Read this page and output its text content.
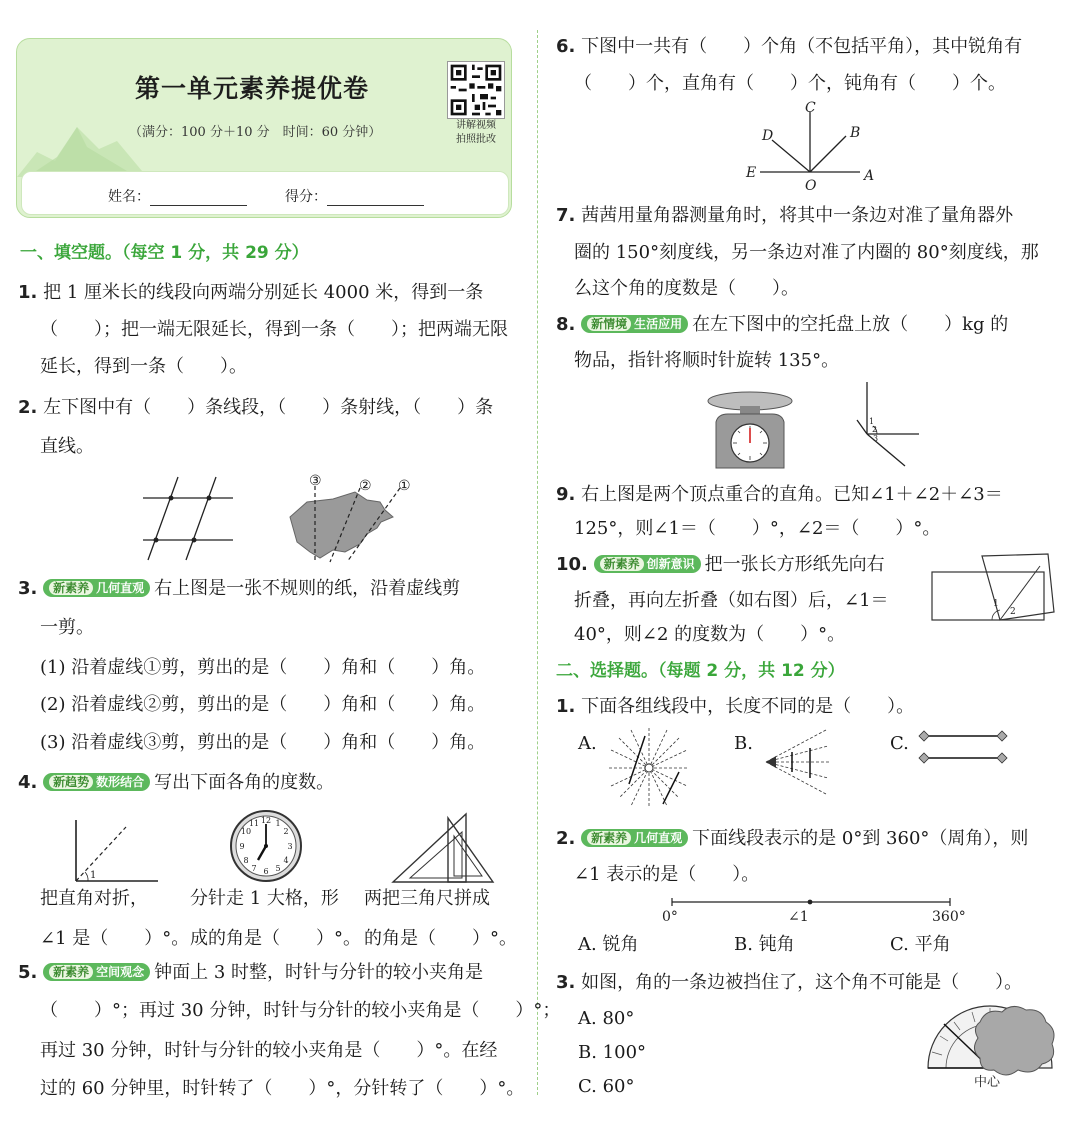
第一单元素养提优卷
（满分：100 分＋10 分　时间：60 分钟）	讲解视频
拍照批改
姓名：	得分：
一、填空题。（每空 1 分，共 29 分）
1. 把 1 厘米长的线段向两端分别延长 4000 米，得到一条
（　　）；把一端无限延长，得到一条（　　）；把两端无限
延长，得到一条（　　）。
2. 左下图中有（　　）条线段，（　　）条射线，（　　）条
直线。
③	② ①
3. 新素养 几何直观 右上图是一张不规则的纸，沿着虚线剪
一剪。
(1) 沿着虚线①剪，剪出的是（　　）角和（　　）角。
(2) 沿着虚线②剪，剪出的是（　　）角和（　　）角。
(3) 沿着虚线③剪，剪出的是（　　）角和（　　）角。
4. 新趋势 数形结合 写出下面各角的度数。
1
12 1
2
3
4
5
6
7
8
9
10
11
把直角对折，
∠1 是（　　）°。
分针走 1 大格，形
成的角是（　　）°。
两把三角尺拼成
的角是（　　）°。
5. 新素养 空间观念 钟面上 3 时整，时针与分针的较小夹角是
（　　）°；再过 30 分钟，时针与分针的较小夹角是（　　）°；
再过 30 分钟，时针与分针的较小夹角是（　　）°。在经
过的 60 分钟里，时针转了（　　）°，分针转了（　　）°。
6. 下图中一共有（　　）个角（不包括平角），其中锐角有
（　　）个，直角有（　　）个，钝角有（　　）个。
C
D	B
E
O
A
7. 茜茜用量角器测量角时，将其中一条边对准了量角器外
圈的 150°刻度线，另一条边对准了内圈的 80°刻度线，那
么这个角的度数是（　　）。
8. 新情境 生活应用 在左下图中的空托盘上放（　　）kg 的
物品，指针将顺时针旋转 135°。
1
2
3
9. 右上图是两个顶点重合的直角。已知∠1＋∠2＋∠3＝
125°，则∠1＝（　　）°，∠2＝（　　）°。
10. 新素养 创新意识 把一张长方形纸先向右
折叠，再向左折叠（如右图）后，∠1＝
40°，则∠2 的度数为（　　）°。
1
2
二、选择题。（每题 2 分，共 12 分）
1. 下面各组线段中，长度不同的是（　　）。
A.	B.	C.
2. 新素养 几何直观 下面线段表示的是 0°到 360°（周角），则
∠1 表示的是（　　）。
0°	∠1	360°
A. 锐角	B. 钝角	C. 平角
3. 如图，角的一条边被挡住了，这个角不可能是（　　）。
A. 80°
B. 100°
C. 60°	中心
